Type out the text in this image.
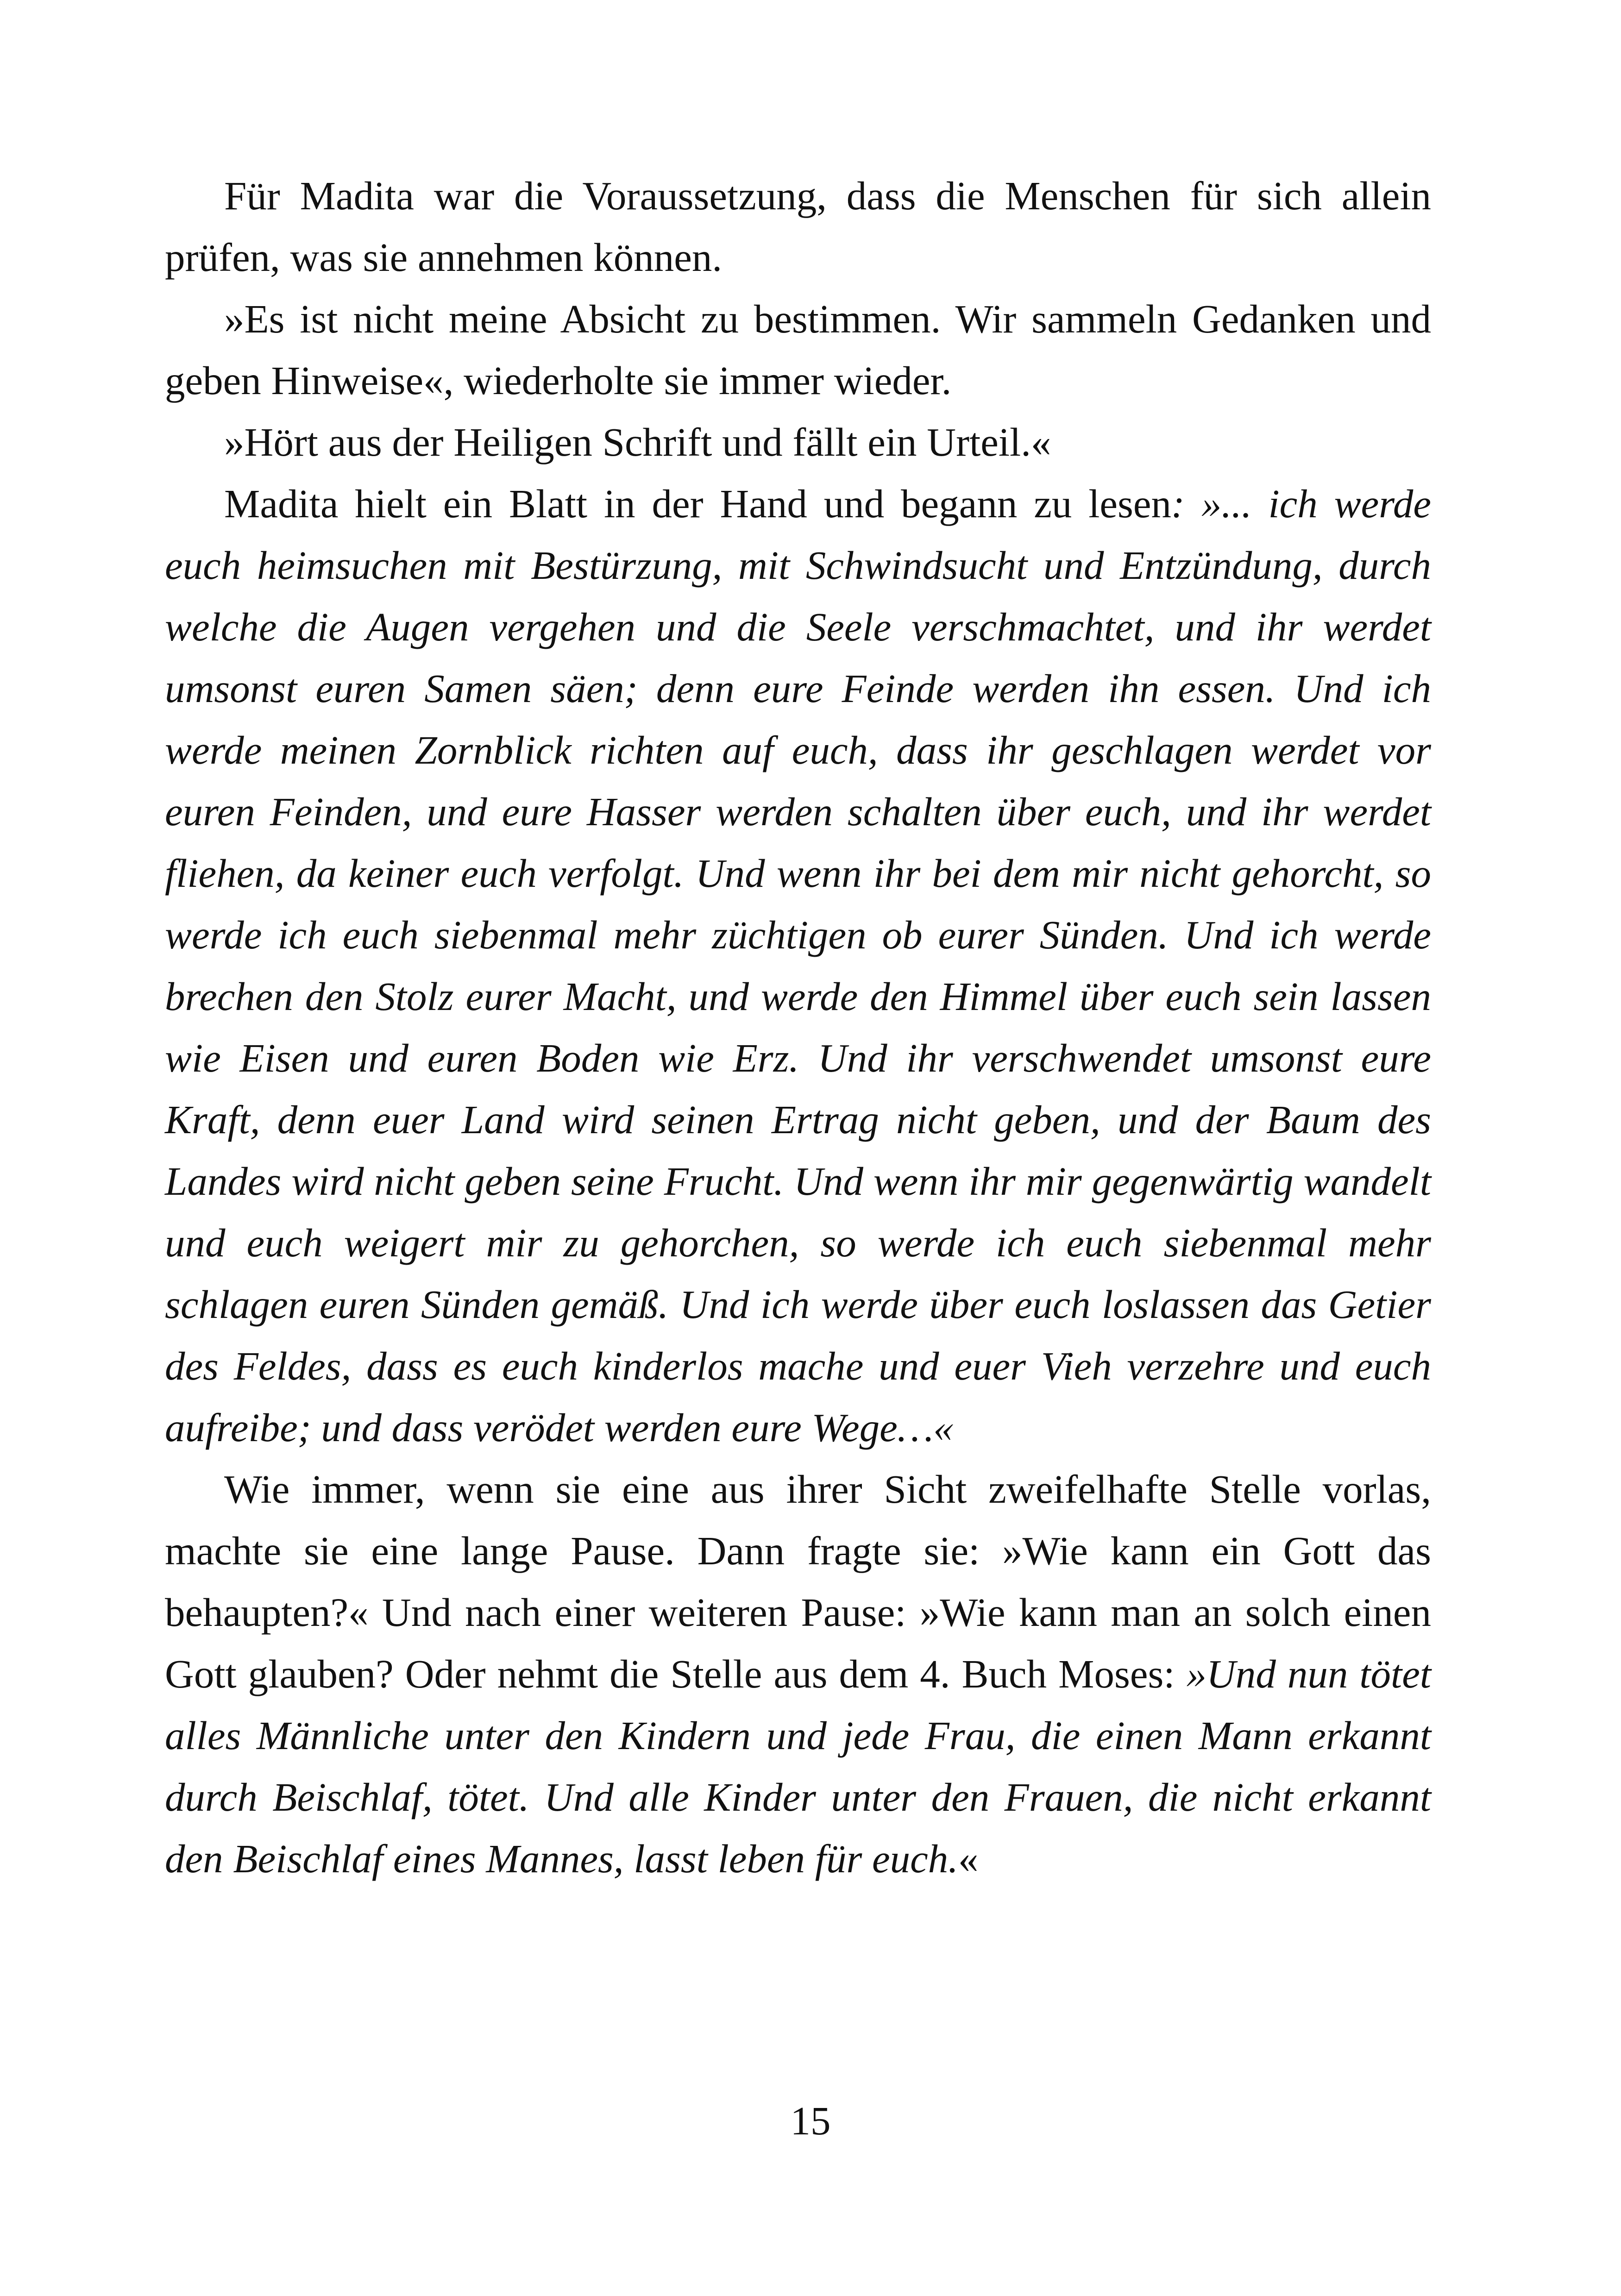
Für Madita war die Voraussetzung, dass die Menschen für sich allein prüfen, was sie annehmen können.

»Es ist nicht meine Absicht zu bestimmen. Wir sammeln Gedanken und geben Hinweise«, wiederholte sie immer wieder.

»Hört aus der Heiligen Schrift und fällt ein Urteil.«

Madita hielt ein Blatt in der Hand und begann zu lesen: »... ich werde euch heimsuchen mit Bestürzung, mit Schwindsucht und Entzündung, durch welche die Augen vergehen und die Seele verschmachtet, und ihr werdet umsonst euren Samen säen; denn eure Feinde werden ihn essen. Und ich werde meinen Zornblick richten auf euch, dass ihr geschlagen werdet vor euren Feinden, und eure Hasser werden schalten über euch, und ihr werdet fliehen, da keiner euch verfolgt. Und wenn ihr bei dem mir nicht gehorcht, so werde ich euch siebenmal mehr züchtigen ob eurer Sünden. Und ich werde brechen den Stolz eurer Macht, und werde den Himmel über euch sein lassen wie Eisen und euren Boden wie Erz. Und ihr verschwendet umsonst eure Kraft, denn euer Land wird seinen Ertrag nicht geben, und der Baum des Landes wird nicht geben seine Frucht. Und wenn ihr mir gegenwärtig wandelt und euch weigert mir zu gehorchen, so werde ich euch siebenmal mehr schlagen euren Sünden gemäß. Und ich werde über euch loslassen das Getier des Feldes, dass es euch kinderlos mache und euer Vieh verzehre und euch aufreibe; und dass verödet werden eure Wege…«

Wie immer, wenn sie eine aus ihrer Sicht zweifelhafte Stelle vorlas, machte sie eine lange Pause. Dann fragte sie: »Wie kann ein Gott das behaupten?« Und nach einer weiteren Pause: »Wie kann man an solch einen Gott glauben? Oder nehmt die Stelle aus dem 4. Buch Moses: »Und nun tötet alles Männliche unter den Kindern und jede Frau, die einen Mann erkannt durch Beischlaf, tötet. Und alle Kinder unter den Frauen, die nicht erkannt den Beischlaf eines Mannes, lasst leben für euch.«

15
